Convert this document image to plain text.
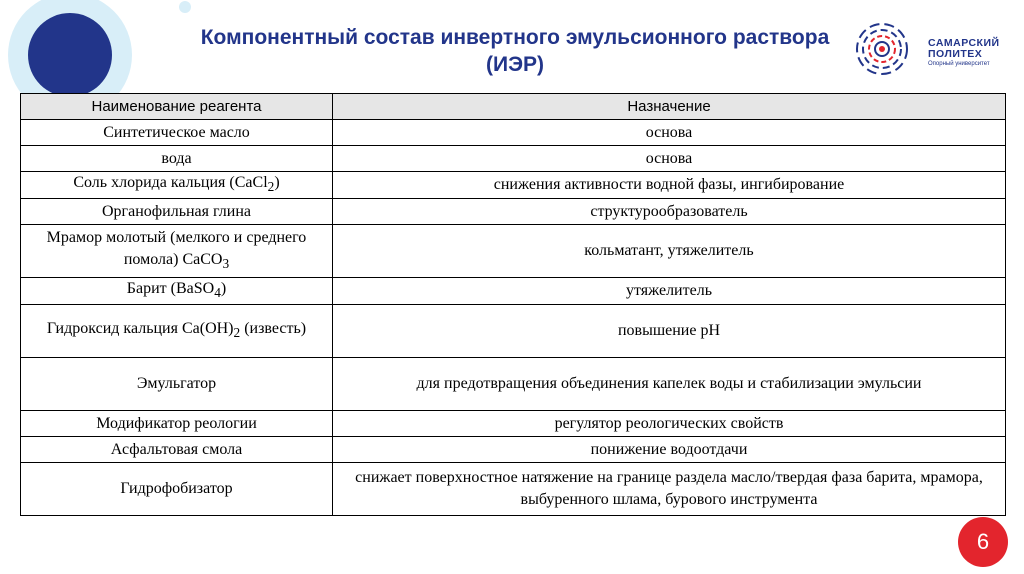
Компонентный состав инвертного эмульсионного раствора (ИЭР)
САМАРСКИЙ
ПОЛИТЕХ
Опорный университет
Наименование реагента	Назначение
Синтетическое масло	основа
вода	основа
Соль хлорида кальция (CaCl$_2$)	снижения активности водной фазы, ингибирование
Органофильная глина	структурообразователь
Мрамор молотый (мелкого и среднего помола) CaCO$_3$	кольматант, утяжелитель
Барит (BaSO$_4$)	утяжелитель
Гидроксид кальция $Ca(OH)_2$ (известь)	повышение pH
Эмульгатор	для предотвращения объединения капелек воды и стабилизации эмульсии
Модификатор реологии	регулятор реологических свойств
Асфальтовая смола	понижение водоотдачи
Гидрофобизатор	снижает поверхностное натяжение на границе раздела масло/твердая фаза барита, мрамора, выбуренного шлама, бурового инструмента
6
